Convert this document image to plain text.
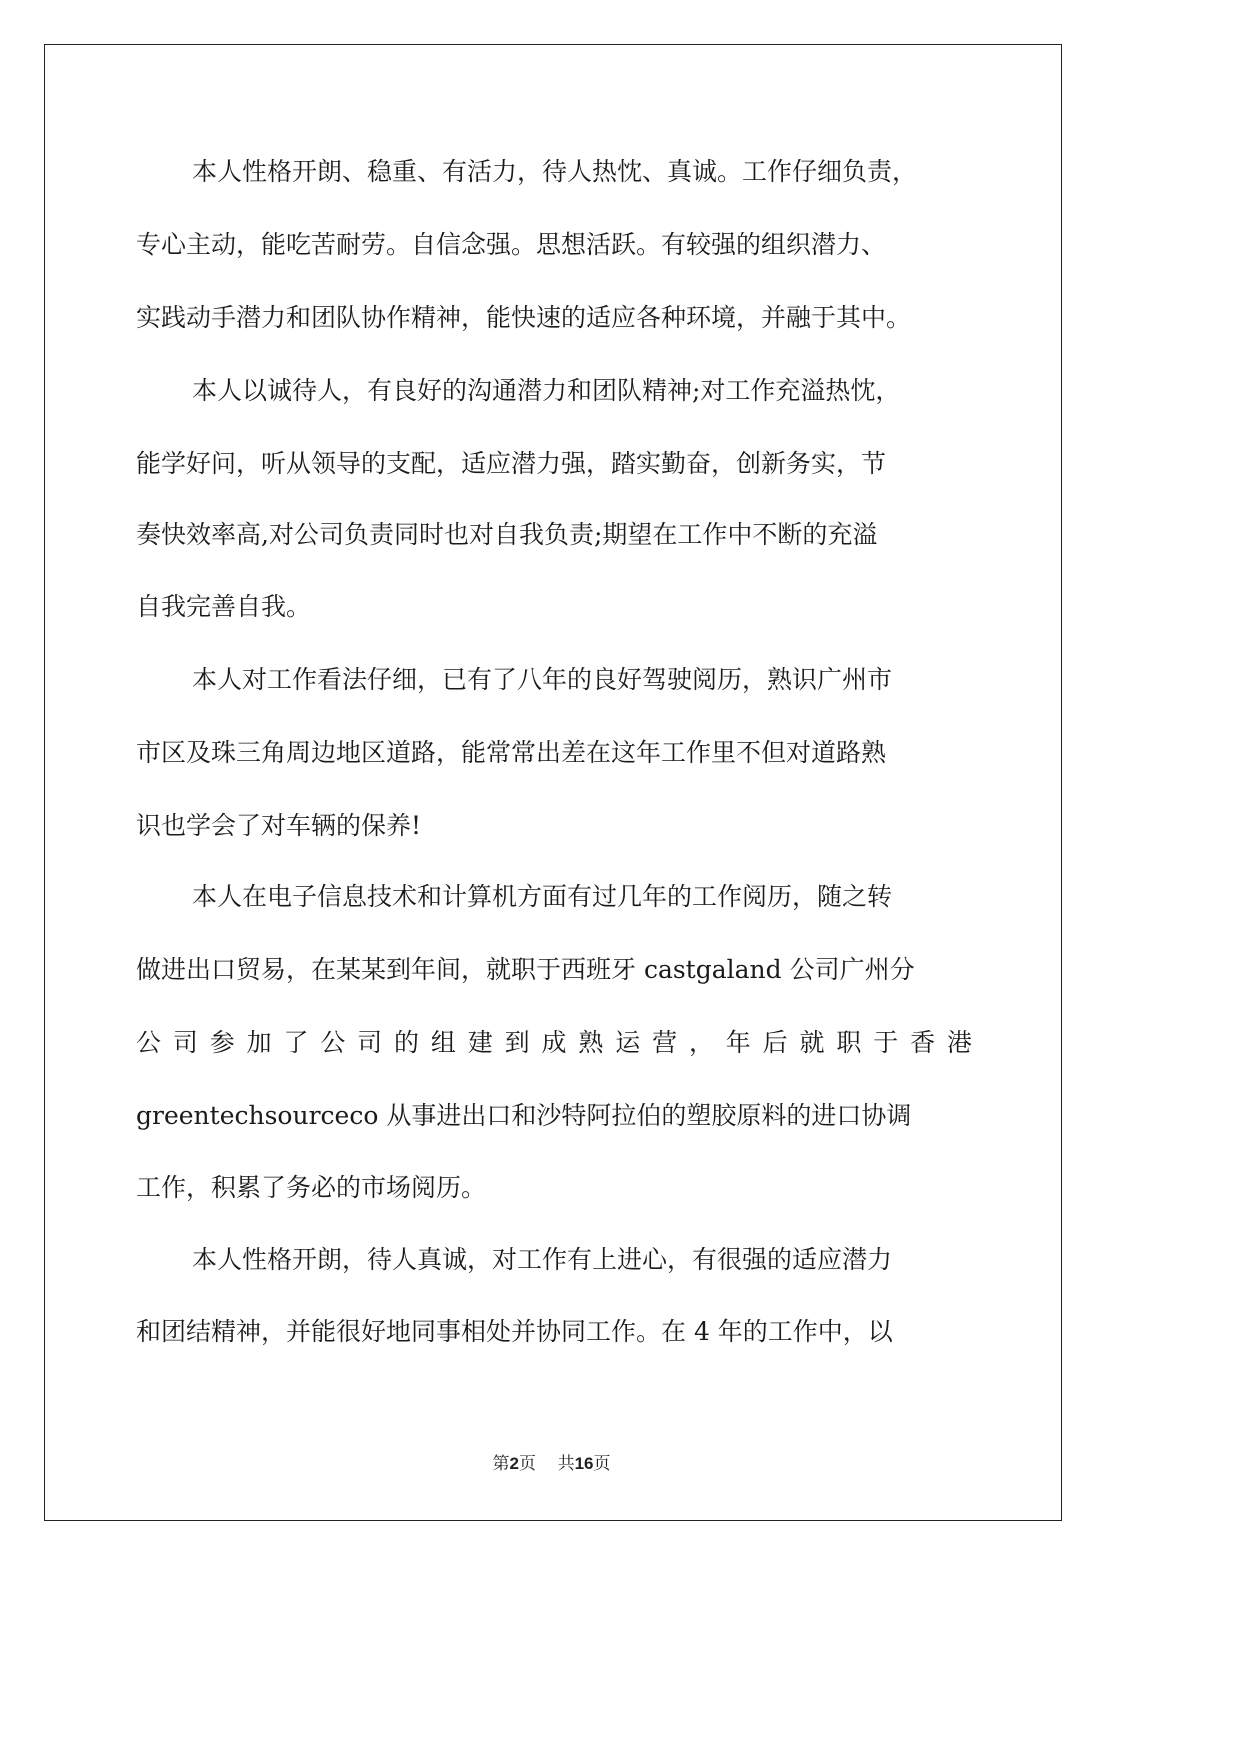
本人性格开朗、稳重、有活力，待人热忱、真诚。工作仔细负责，
专心主动，能吃苦耐劳。自信念强。思想活跃。有较强的组织潜力、
实践动手潜力和团队协作精神，能快速的适应各种环境，并融于其中。
本人以诚待人，有良好的沟通潜力和团队精神;对工作充溢热忱，
能学好问，听从领导的支配，适应潜力强，踏实勤奋，创新务实，节
奏快效率高,对公司负责同时也对自我负责;期望在工作中不断的充溢
自我完善自我。
本人对工作看法仔细，已有了八年的良好驾驶阅历，熟识广州市
市区及珠三角周边地区道路，能常常出差在这年工作里不但对道路熟
识也学会了对车辆的保养!
本人在电子信息技术和计算机方面有过几年的工作阅历，随之转
做进出口贸易，在某某到年间，就职于西班牙 castgaland 公司广州分
公司参加了公司的组建到成熟运营，年后就职于香港
greentechsourceco 从事进出口和沙特阿拉伯的塑胶原料的进口协调
工作，积累了务必的市场阅历。
本人性格开朗，待人真诚，对工作有上进心，有很强的适应潜力
和团结精神，并能很好地同事相处并协同工作。在 4 年的工作中，以
第2页 共16页
